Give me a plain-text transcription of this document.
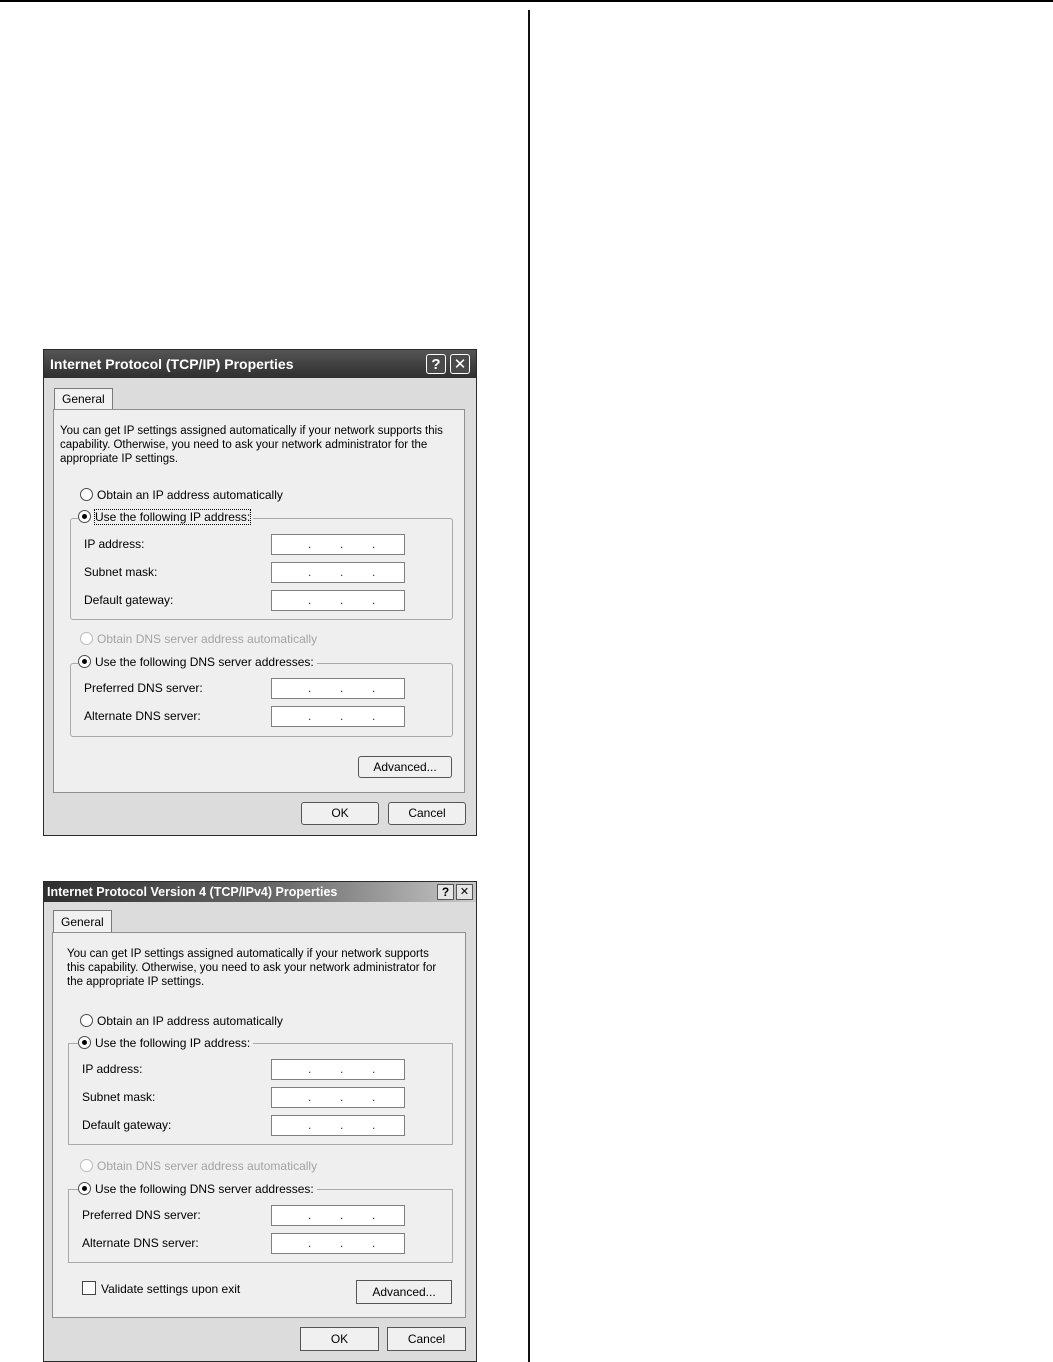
Internet Protocol (TCP/IP) Properties	? ✕
General
You can get IP settings assigned automatically if your network supports this capability. Otherwise, you need to ask your network administrator for the appropriate IP settings.
Obtain an IP address automatically
Use the following IP address:
IP address:	. . .
Subnet mask:	. . .
Default gateway:	. . .
Obtain DNS server address automatically
Use the following DNS server addresses:
Preferred DNS server:	. . .
Alternate DNS server:	. . .
Advanced...
OK	Cancel
Internet Protocol Version 4 (TCP/IPv4) Properties	? ✕
General
You can get IP settings assigned automatically if your network supports this capability. Otherwise, you need to ask your network administrator for the appropriate IP settings.
Obtain an IP address automatically
Use the following IP address:
IP address:	. . .
Subnet mask:	. . .
Default gateway:	. . .
Obtain DNS server address automatically
Use the following DNS server addresses:
Preferred DNS server:	. . .
Alternate DNS server:	. . .
Validate settings upon exit	Advanced...
OK	Cancel
